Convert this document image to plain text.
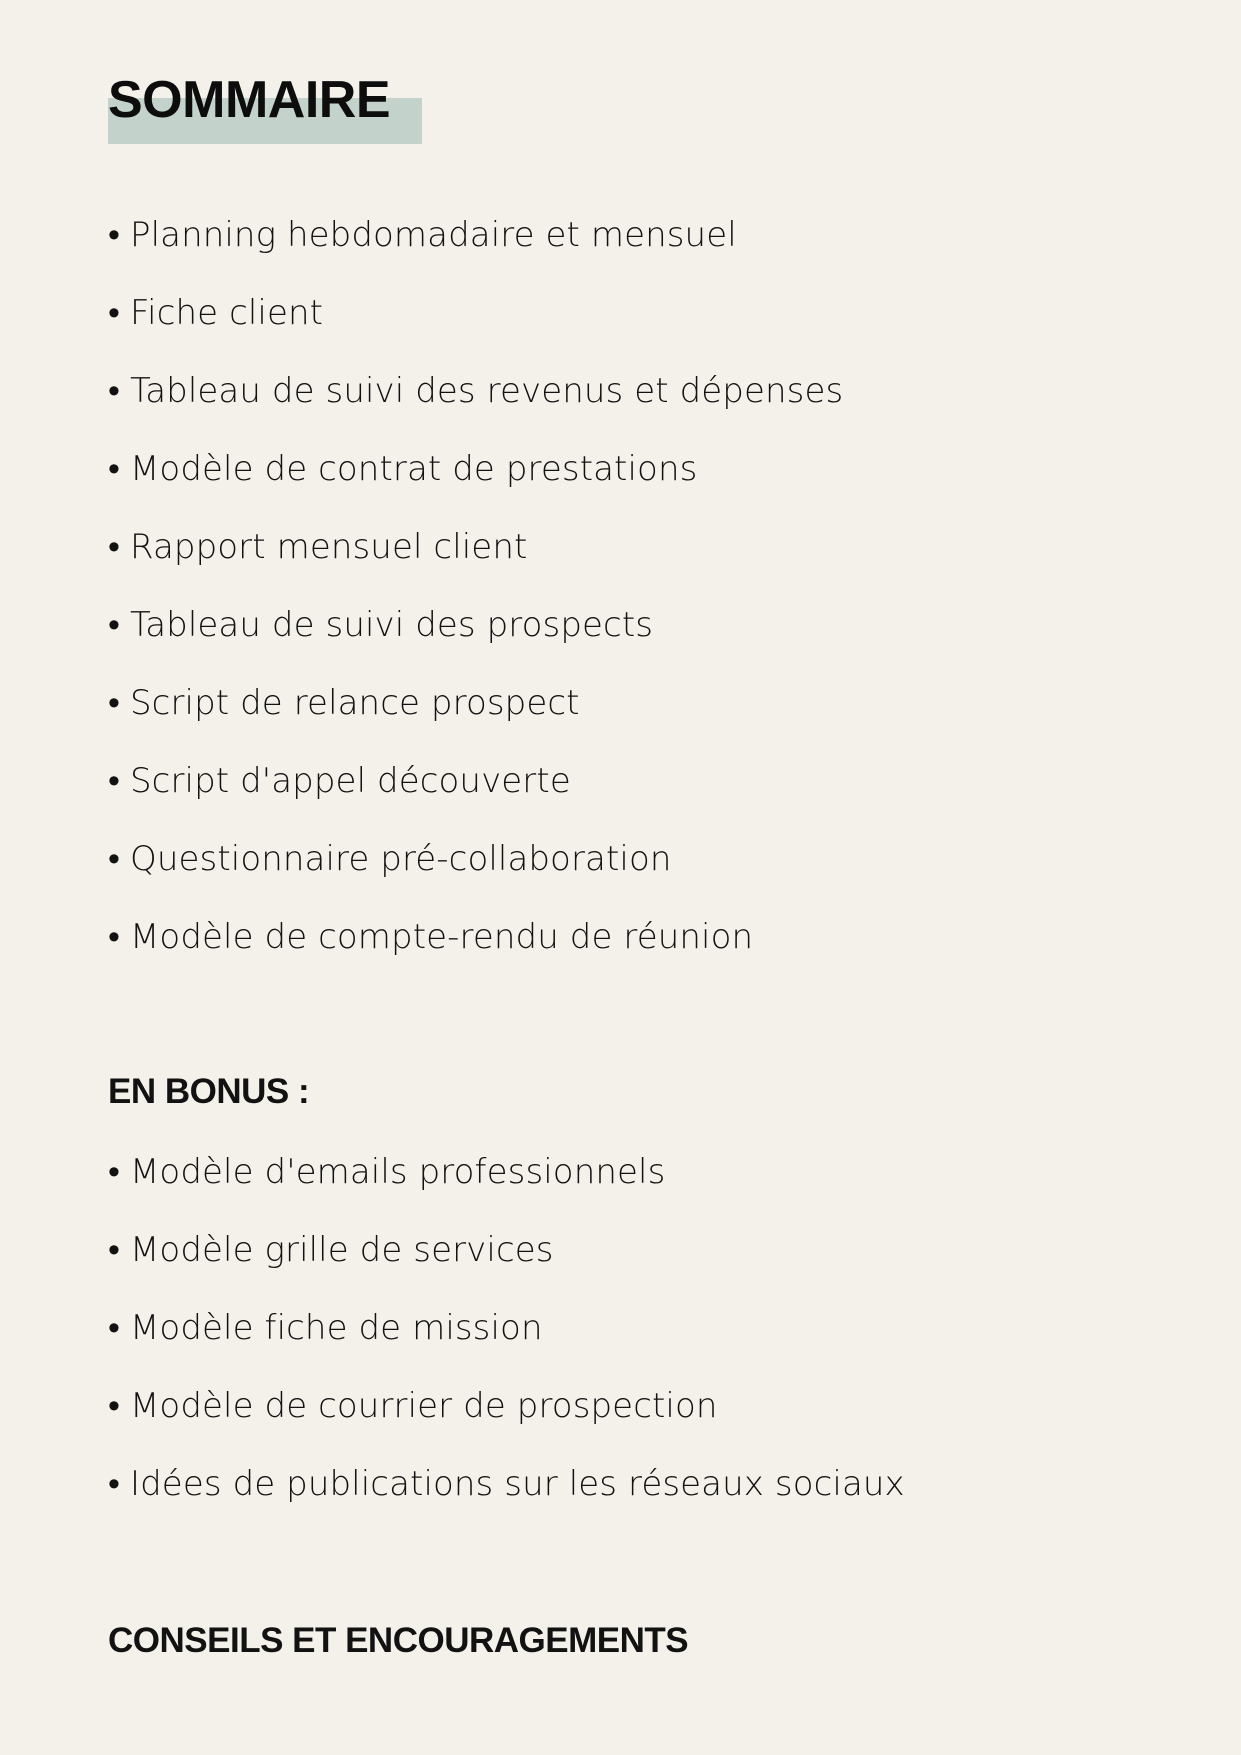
SOMMAIRE
• Planning hebdomadaire et mensuel
• Fiche client
• Tableau de suivi des revenus et dépenses
• Modèle de contrat de prestations
• Rapport mensuel client
• Tableau de suivi des prospects
• Script de relance prospect
• Script d'appel découverte
• Questionnaire pré-collaboration
• Modèle de compte-rendu de réunion
EN BONUS :
• Modèle d'emails professionnels
• Modèle grille de services
• Modèle fiche de mission
• Modèle de courrier de prospection
• Idées de publications sur les réseaux sociaux
CONSEILS ET ENCOURAGEMENTS
